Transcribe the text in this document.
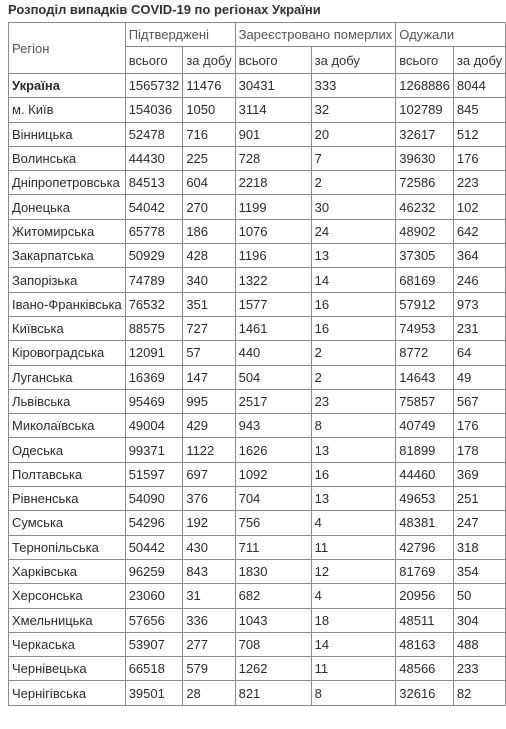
Розподіл випадків COVID-19 по регіонах України
Регіон	Підтверджені		Зареєстровано померлих		Одужали	
	всього	за добу	всього	за добу	всього	за добу
Україна	1565732	11476	30431	333	1268886	8044
м. Київ	154036	1050	3114	32	102789	845
Вінницька	52478	716	901	20	32617	512
Волинська	44430	225	728	7	39630	176
Дніпропетровська	84513	604	2218	2	72586	223
Донецька	54042	270	1199	30	46232	102
Житомирська	65778	186	1076	24	48902	642
Закарпатська	50929	428	1196	13	37305	364
Запорізька	74789	340	1322	14	68169	246
Івано-Франківська	76532	351	1577	16	57912	973
Київська	88575	727	1461	16	74953	231
Кіровоградська	12091	57	440	2	8772	64
Луганська	16369	147	504	2	14643	49
Львівська	95469	995	2517	23	75857	567
Миколаївська	49004	429	943	8	40749	176
Одеська	99371	1122	1626	13	81899	178
Полтавська	51597	697	1092	16	44460	369
Рівненська	54090	376	704	13	49653	251
Сумська	54296	192	756	4	48381	247
Тернопільська	50442	430	711	11	42796	318
Харківська	96259	843	1830	12	81769	354
Херсонська	23060	31	682	4	20956	50
Хмельницька	57656	336	1043	18	48511	304
Черкаська	53907	277	708	14	48163	488
Чернівецька	66518	579	1262	11	48566	233
Чернігівська	39501	28	821	8	32616	82
